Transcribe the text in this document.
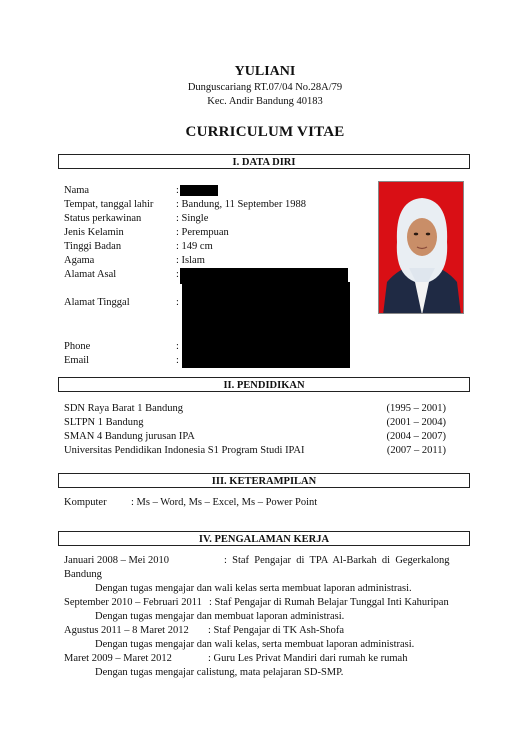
YULIANI
Dunguscariang RT.07/04 No.28A/79
Kec. Andir Bandung 40183
CURRICULUM VITAE
I. DATA DIRI
Nama	:
Tempat, tanggal lahir : Bandung, 11 September 1988
Status perkawinan	: Single
Jenis Kelamin	: Perempuan
Tinggi Badan	: 149 cm
Agama	: Islam
Alamat Asal	:
Alamat Tinggal	:
Phone	:
Email	:
II. PENDIDIKAN
SDN Raya Barat 1 Bandung	(1995 – 2001)
SLTPN 1 Bandung	(2001 – 2004)
SMAN 4 Bandung jurusan IPA	(2004 – 2007)
Universitas Pendidikan Indonesia S1 Program Studi IPAI	(2007 – 2011)
III. KETERAMPILAN
Komputer : Ms – Word, Ms – Excel, Ms – Power Point
IV. PENGALAMAN KERJA
Januari 2008 – Mei 2010	: Staf Pengajar di TPA Al-Barkah di Gegerkalong
Bandung
Dengan tugas mengajar dan wali kelas serta membuat laporan administrasi.
September 2010 – Februari 2011 : Staf Pengajar di Rumah Belajar Tunggal Inti Kahuripan
Dengan tugas mengajar dan membuat laporan administrasi.
Agustus 2011 – 8 Maret 2012 : Staf Pengajar di TK Ash-Shofa
Dengan tugas mengajar dan wali kelas, serta membuat laporan administrasi.
Maret 2009 – Maret 2012	: Guru Les Privat Mandiri dari rumah ke rumah
Dengan tugas mengajar calistung, mata pelajaran SD-SMP.
